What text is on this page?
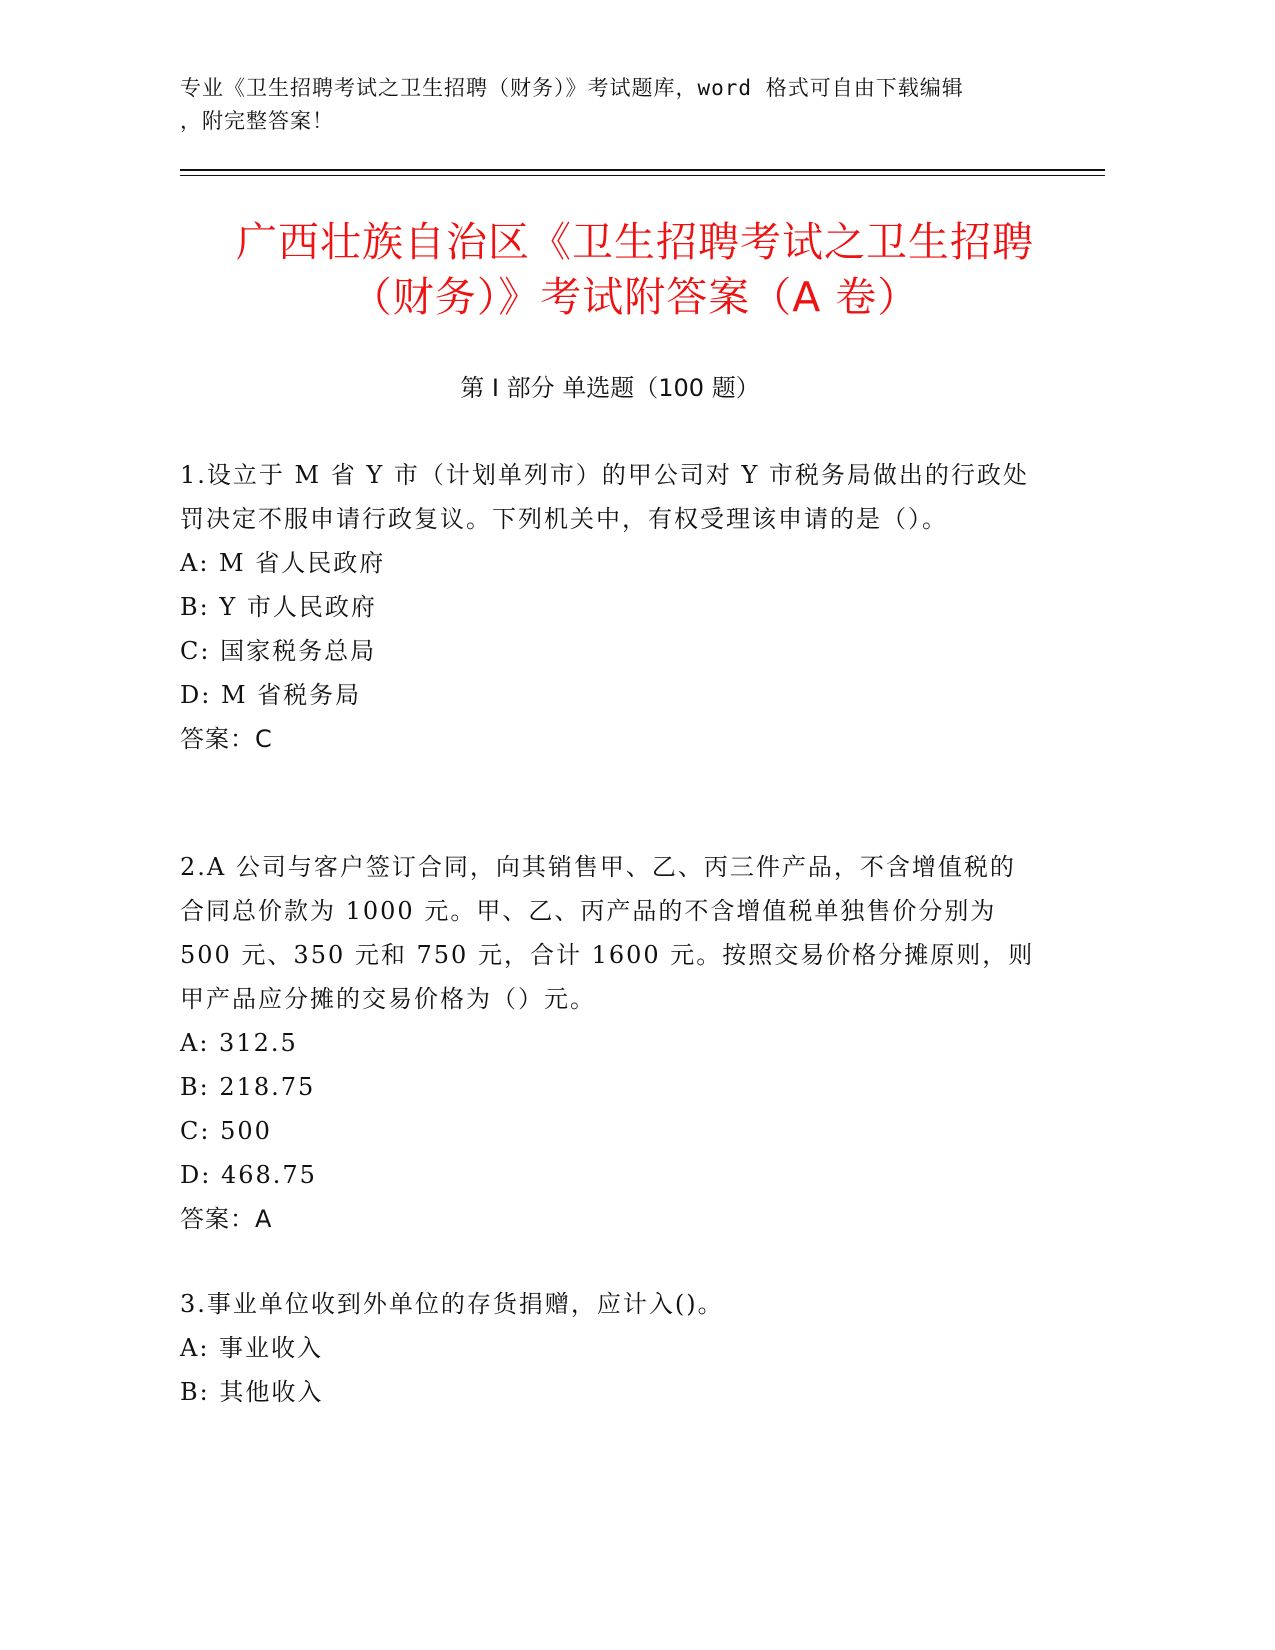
专业《卫生招聘考试之卫生招聘（财务）》考试题库，word 格式可自由下载编辑
，附完整答案！
广西壮族自治区《卫生招聘考试之卫生招聘
（财务）》考试附答案（A 卷）
第 I 部分 单选题（100 题）
1.设立于 M 省 Y 市（计划单列市）的甲公司对 Y 市税务局做出的行政处罚决定不服申请行政复议。下列机关中，有权受理该申请的是（）。
A: M 省人民政府
B: Y 市人民政府
C: 国家税务总局
D: M 省税务局
答案：C
2.A 公司与客户签订合同，向其销售甲、乙、丙三件产品，不含增值税的合同总价款为 1000 元。甲、乙、丙产品的不含增值税单独售价分别为 500 元、350 元和 750 元，合计 1600 元。按照交易价格分摊原则，则甲产品应分摊的交易价格为（）元。
A: 312.5
B: 218.75
C: 500
D: 468.75
答案：A
3.事业单位收到外单位的存货捐赠，应计入()。
A: 事业收入
B: 其他收入
